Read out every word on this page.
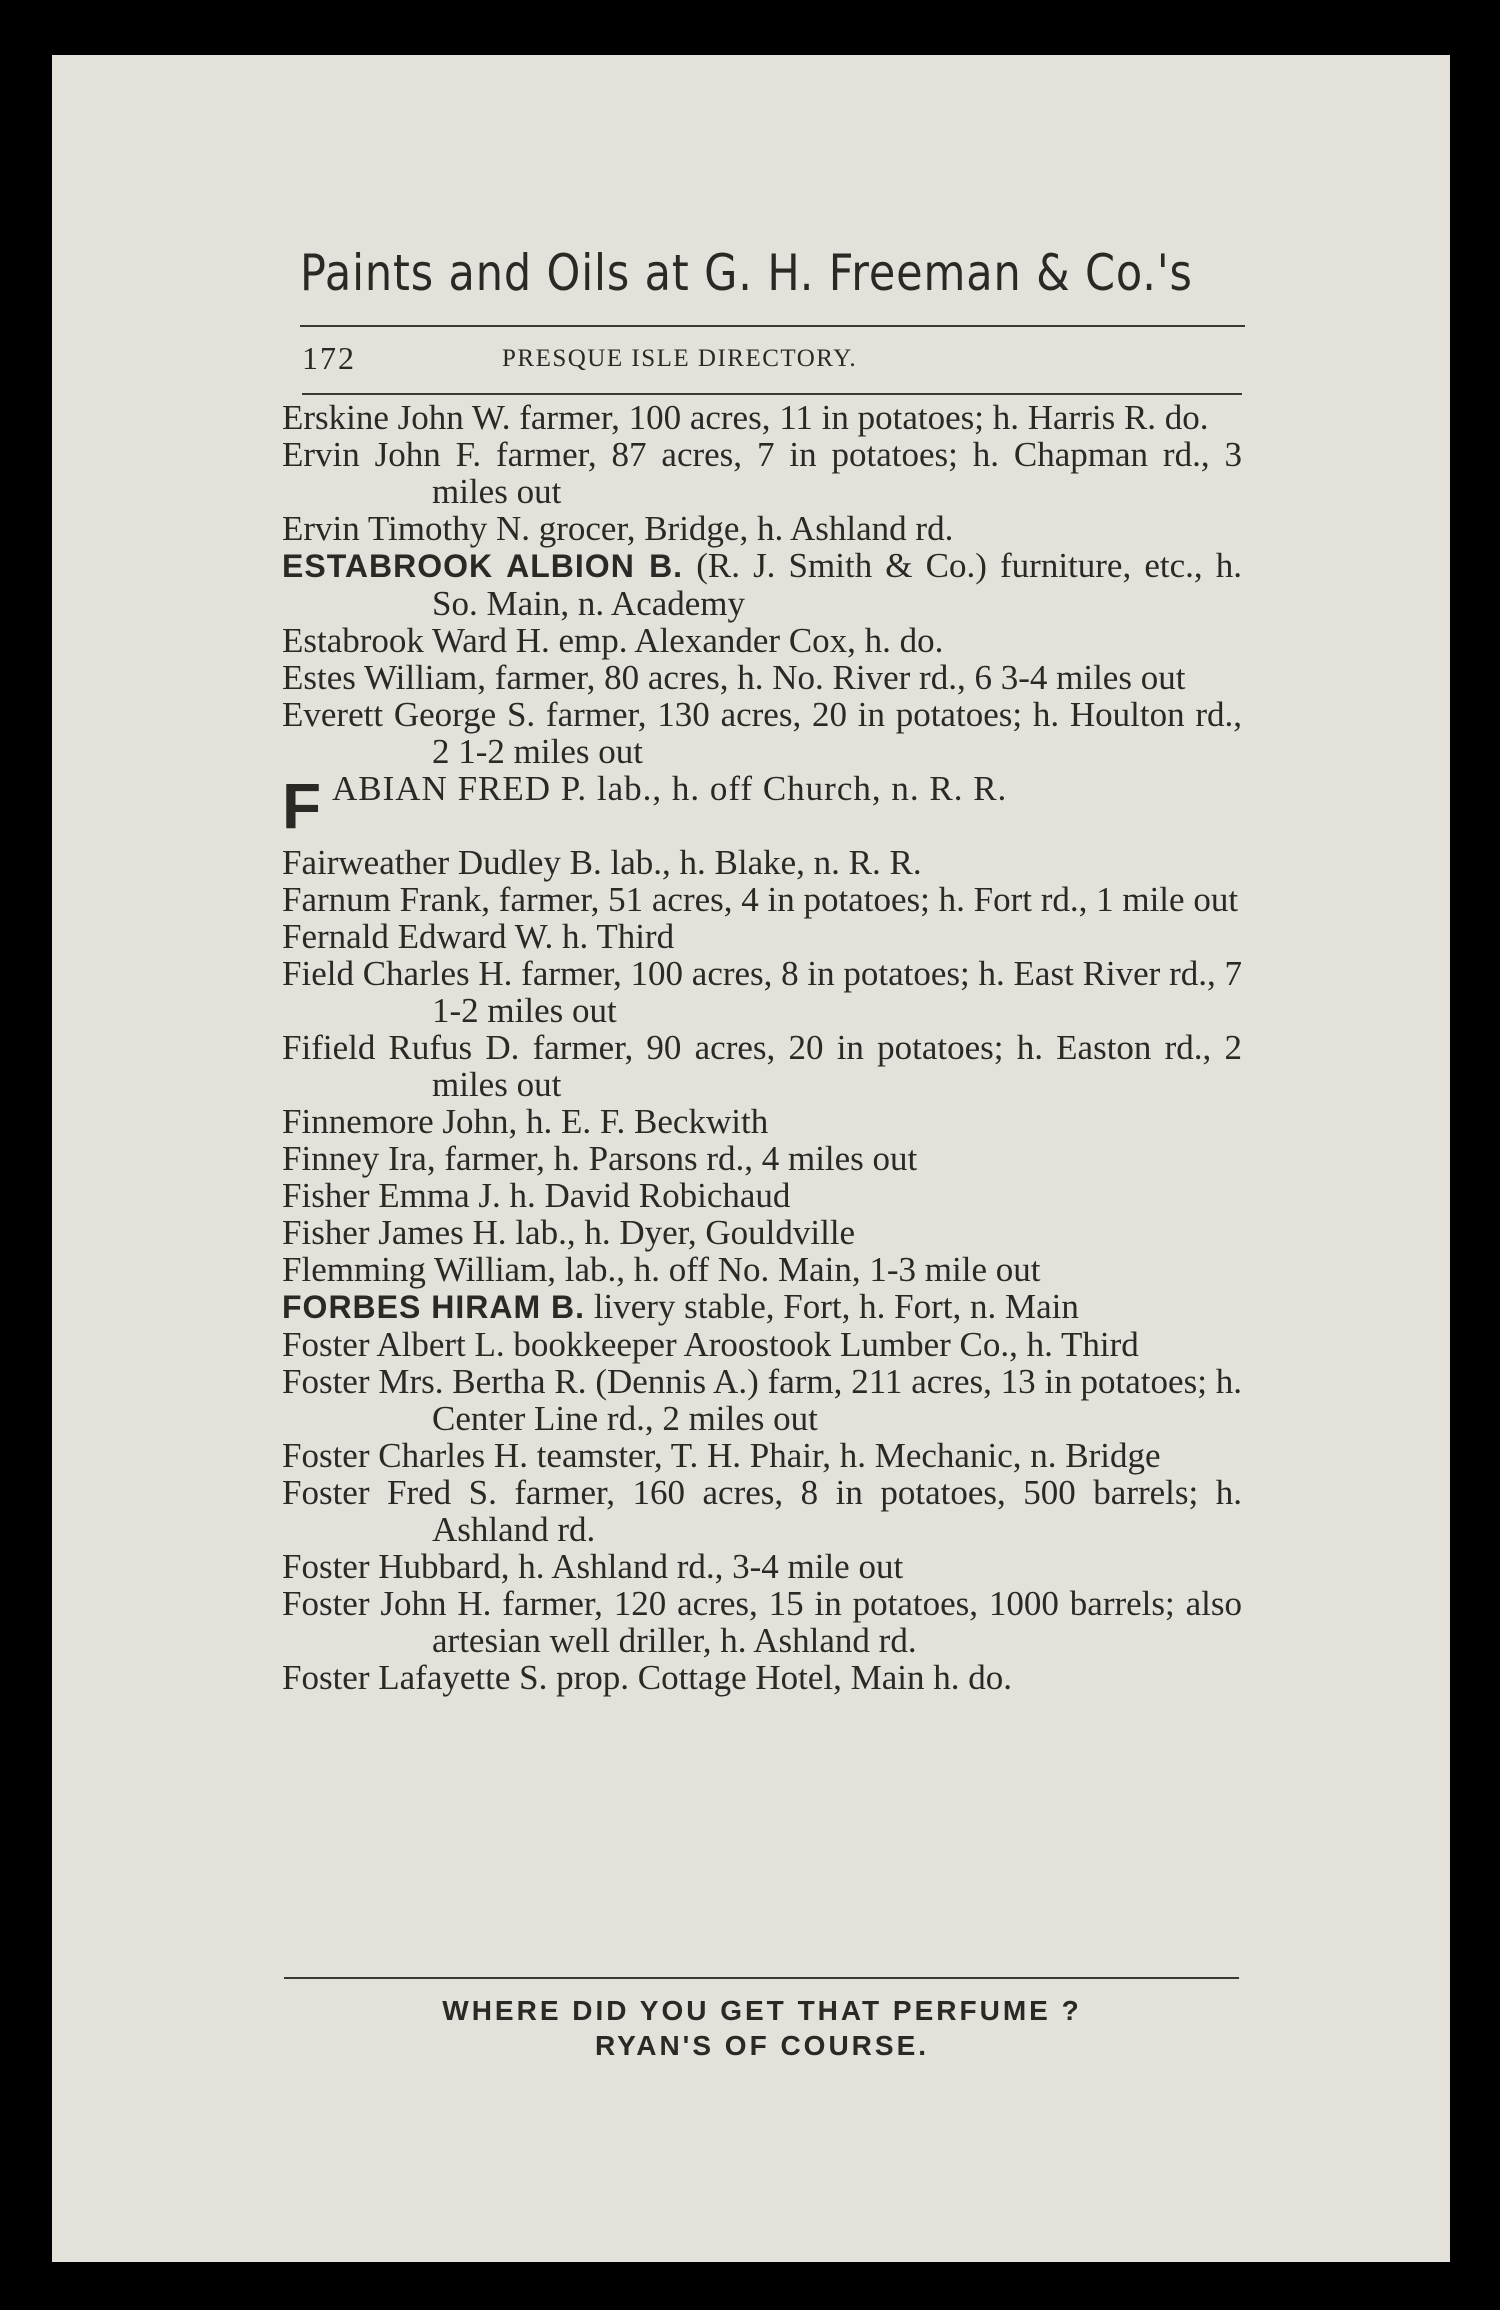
Paints and Oils at G. H. Freeman & Co.'s
172	PRESQUE ISLE DIRECTORY.

Erskine John W. farmer, 100 acres, 11 in potatoes; h. Harris R. do.

Ervin John F. farmer, 87 acres, 7 in potatoes; h. Chapman rd., 3 miles out

Ervin Timothy N. grocer, Bridge, h. Ashland rd.

ESTABROOK ALBION B. (R. J. Smith & Co.) furniture, etc., h. So. Main, n. Academy

Estabrook Ward H. emp. Alexander Cox, h. do.

Estes William, farmer, 80 acres, h. No. River rd., 6 3-4 miles out

Everett George S. farmer, 130 acres, 20 in potatoes; h. Houlton rd., 2 1-2 miles out

F ABIAN FRED P. lab., h. off Church, n. R. R.

Fairweather Dudley B. lab., h. Blake, n. R. R.

Farnum Frank, farmer, 51 acres, 4 in potatoes; h. Fort rd., 1 mile out

Fernald Edward W. h. Third

Field Charles H. farmer, 100 acres, 8 in potatoes; h. East River rd., 7 1-2 miles out

Fifield Rufus D. farmer, 90 acres, 20 in potatoes; h. Easton rd., 2 miles out

Finnemore John, h. E. F. Beckwith

Finney Ira, farmer, h. Parsons rd., 4 miles out

Fisher Emma J. h. David Robichaud

Fisher James H. lab., h. Dyer, Gouldville

Flemming William, lab., h. off No. Main, 1-3 mile out

FORBES HIRAM B. livery stable, Fort, h. Fort, n. Main

Foster Albert L. bookkeeper Aroostook Lumber Co., h. Third

Foster Mrs. Bertha R. (Dennis A.) farm, 211 acres, 13 in potatoes; h. Center Line rd., 2 miles out

Foster Charles H. teamster, T. H. Phair, h. Mechanic, n. Bridge

Foster Fred S. farmer, 160 acres, 8 in potatoes, 500 barrels; h. Ashland rd.

Foster Hubbard, h. Ashland rd., 3-4 mile out

Foster John H. farmer, 120 acres, 15 in potatoes, 1000 barrels; also artesian well driller, h. Ashland rd.

Foster Lafayette S. prop. Cottage Hotel, Main h. do.

WHERE DID YOU GET THAT PERFUME ?
RYAN'S OF COURSE.
